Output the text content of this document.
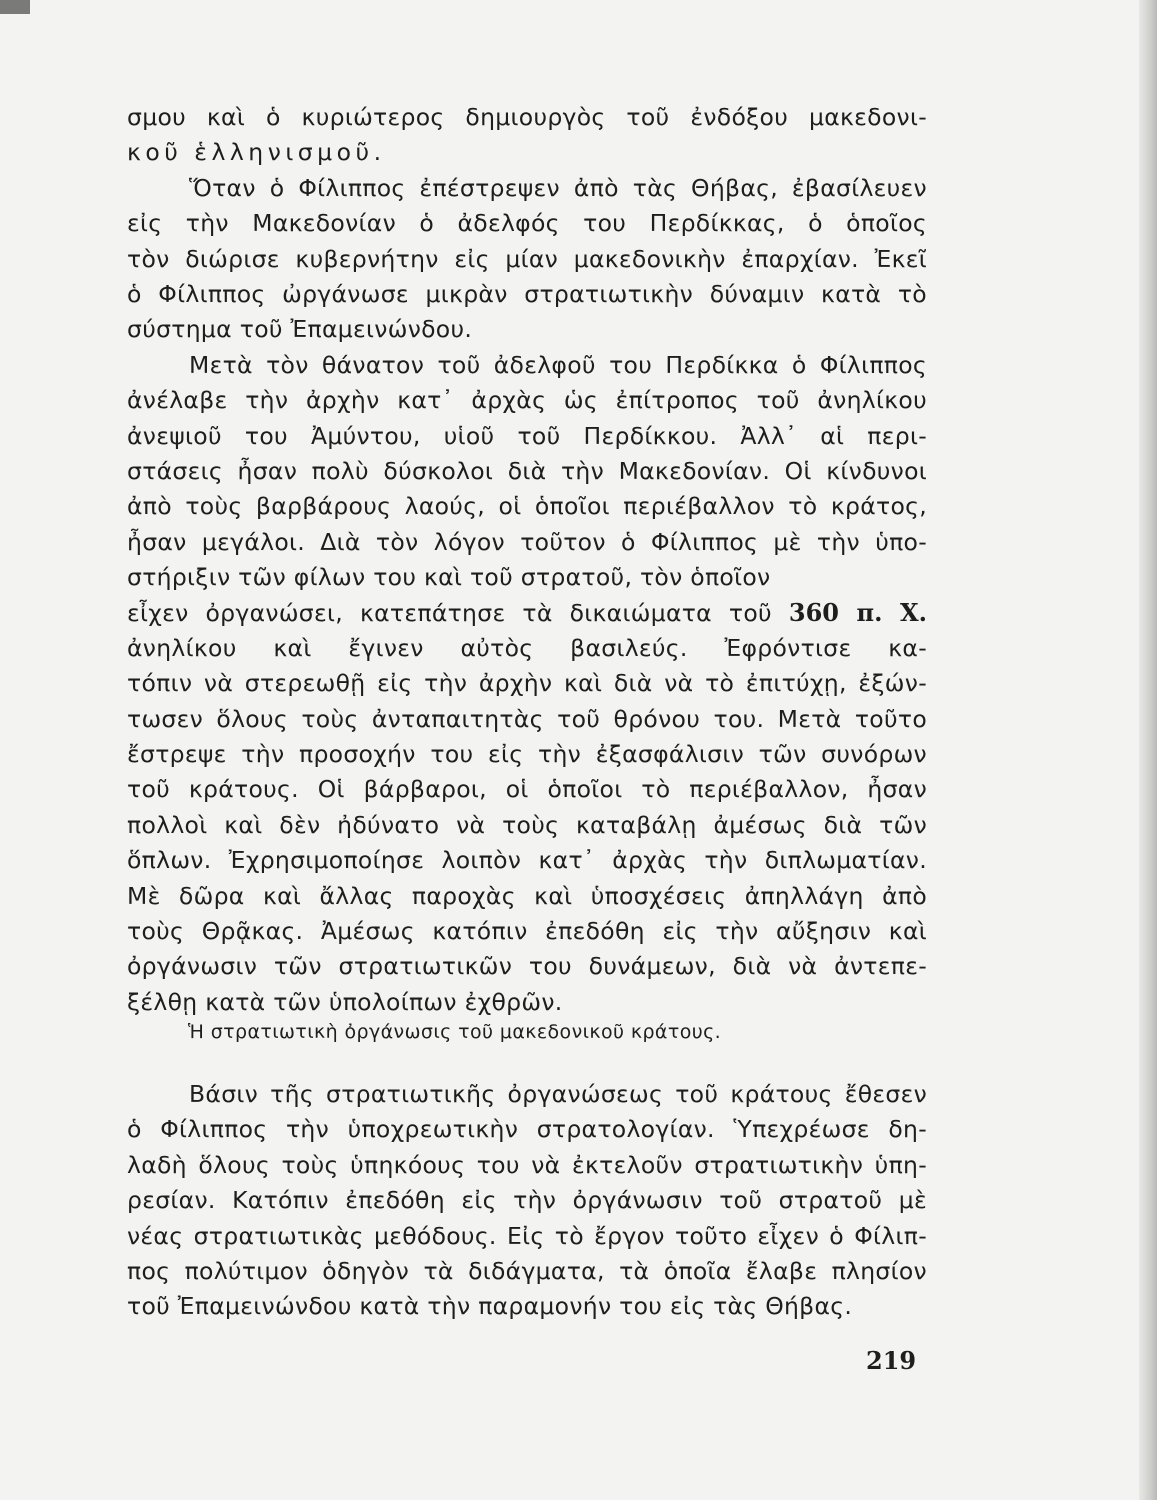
σμου καὶ ὁ κυριώτερος δημιουργὸς τοῦ ἐνδόξου μακεδονι-
κοῦ ἑλληνισμοῦ.
Ὅταν ὁ Φίλιππος ἐπέστρεψεν ἀπὸ τὰς Θήβας, ἐβασίλευεν
εἰς τὴν Μακεδονίαν ὁ ἀδελφός του Περδίκκας, ὁ ὁποῖος
τὸν διώρισε κυβερνήτην εἰς μίαν μακεδονικὴν ἐπαρχίαν. Ἐκεῖ
ὁ Φίλιππος ὠργάνωσε μικρὰν στρατιωτικὴν δύναμιν κατὰ τὸ
σύστημα τοῦ Ἐπαμεινώνδου.
Μετὰ τὸν θάνατον τοῦ ἀδελφοῦ του Περδίκκα ὁ Φίλιππος
ἀνέλαβε τὴν ἀρχὴν κατ᾿ ἀρχὰς ὡς ἐπίτροπος τοῦ ἀνηλίκου
ἀνεψιοῦ του Ἀμύντου, υἱοῦ τοῦ Περδίκκου. Ἀλλ᾿ αἱ περι-
στάσεις ἦσαν πολὺ δύσκολοι διὰ τὴν Μακεδονίαν. Οἱ κίνδυνοι
ἀπὸ τοὺς βαρβάρους λαούς, οἱ ὁποῖοι περιέβαλλον τὸ κράτος,
ἦσαν μεγάλοι. Διὰ τὸν λόγον τοῦτον ὁ Φίλιππος μὲ τὴν ὑπο-
στήριξιν τῶν φίλων του καὶ τοῦ στρατοῦ, τὸν ὁποῖον
εἶχεν ὀργανώσει, κατεπάτησε τὰ δικαιώματα τοῦ 360 π. Χ.
ἀνηλίκου καὶ ἔγινεν αὐτὸς βασιλεύς. Ἐφρόντισε κα-
τόπιν νὰ στερεωθῇ εἰς τὴν ἀρχὴν καὶ διὰ νὰ τὸ ἐπιτύχῃ, ἐξών-
τωσεν ὅλους τοὺς ἀνταπαιτητὰς τοῦ θρόνου του. Μετὰ τοῦτο
ἔστρεψε τὴν προσοχήν του εἰς τὴν ἐξασφάλισιν τῶν συνόρων
τοῦ κράτους. Οἱ βάρβαροι, οἱ ὁποῖοι τὸ περιέβαλλον, ἦσαν
πολλοὶ καὶ δὲν ἠδύνατο νὰ τοὺς καταβάλῃ ἀμέσως διὰ τῶν
ὅπλων. Ἐχρησιμοποίησε λοιπὸν κατ᾿ ἀρχὰς τὴν διπλωματίαν.
Μὲ δῶρα καὶ ἄλλας παροχὰς καὶ ὑποσχέσεις ἀπηλλάγη ἀπὸ
τοὺς Θρᾷκας. Ἀμέσως κατόπιν ἐπεδόθη εἰς τὴν αὔξησιν καὶ
ὀργάνωσιν τῶν στρατιωτικῶν του δυνάμεων, διὰ νὰ ἀντεπε-
ξέλθῃ κατὰ τῶν ὑπολοίπων ἐχθρῶν.
Ἡ στρατιωτικὴ ὀργάνωσις τοῦ μακεδονικοῦ κράτους.
Βάσιν τῆς στρατιωτικῆς ὀργανώσεως τοῦ κράτους ἔθεσεν
ὁ Φίλιππος τὴν ὑποχρεωτικὴν στρατολογίαν. Ὑπεχρέωσε δη-
λαδὴ ὅλους τοὺς ὑπηκόους του νὰ ἐκτελοῦν στρατιωτικὴν ὑπη-
ρεσίαν. Κατόπιν ἐπεδόθη εἰς τὴν ὀργάνωσιν τοῦ στρατοῦ μὲ
νέας στρατιωτικὰς μεθόδους. Εἰς τὸ ἔργον τοῦτο εἶχεν ὁ Φίλιπ-
πος πολύτιμον ὁδηγὸν τὰ διδάγματα, τὰ ὁποῖα ἔλαβε πλησίον
τοῦ Ἐπαμεινώνδου κατὰ τὴν παραμονήν του εἰς τὰς Θήβας.
219
